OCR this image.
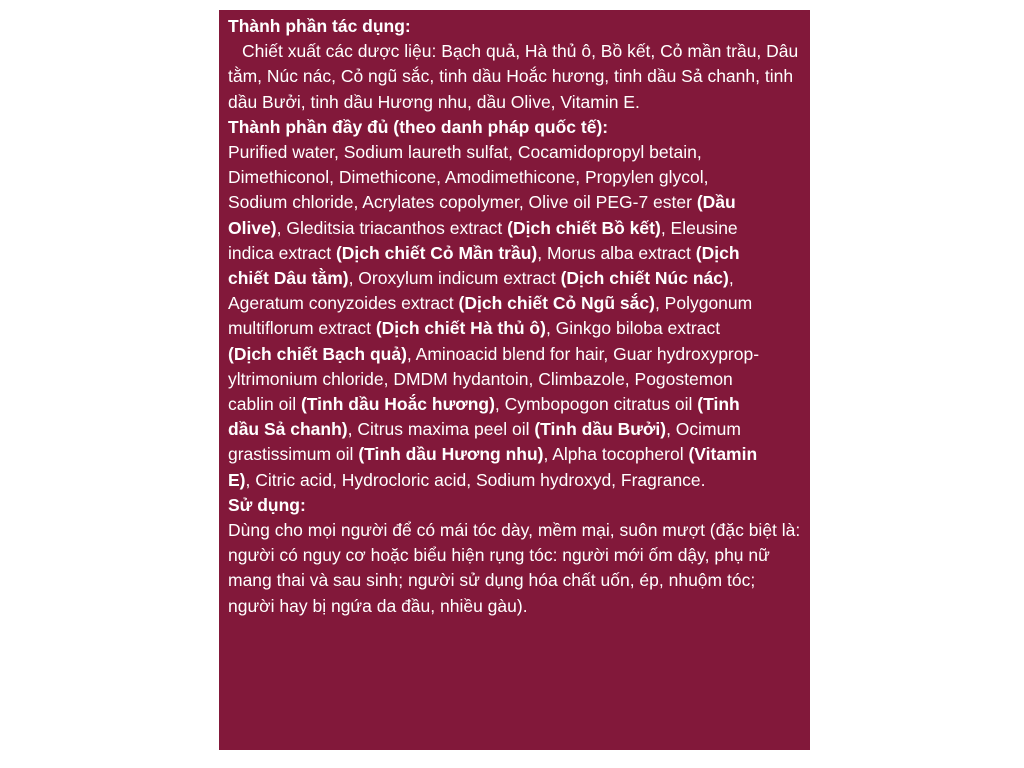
Thành phần tác dụng:
Chiết xuất các dược liệu: Bạch quả, Hà thủ ô, Bồ kết, Cỏ mần trầu, Dâu
tằm, Núc nác, Cỏ ngũ sắc, tinh dầu Hoắc hương, tinh dầu Sả chanh, tinh
dầu Bưởi, tinh dầu Hương nhu, dầu Olive, Vitamin E.
Thành phần đầy đủ (theo danh pháp quốc tế):
Purified water, Sodium laureth sulfat, Cocamidopropyl betain,
Dimethiconol, Dimethicone, Amodimethicone, Propylen glycol,
Sodium chloride, Acrylates copolymer, Olive oil PEG-7 ester (Dầu
Olive), Gleditsia triacanthos extract (Dịch chiết Bồ kết), Eleusine
indica extract (Dịch chiết Cỏ Mần trầu), Morus alba extract (Dịch
chiết Dâu tằm), Oroxylum indicum extract (Dịch chiết Núc nác),
Ageratum conyzoides extract (Dịch chiết Cỏ Ngũ sắc), Polygonum
multiflorum extract (Dịch chiết Hà thủ ô), Ginkgo biloba extract
(Dịch chiết Bạch quả), Aminoacid blend for hair, Guar hydroxyprop-
yltrimonium chloride, DMDM hydantoin, Climbazole, Pogostemon
cablin oil (Tinh dầu Hoắc hương), Cymbopogon citratus oil (Tinh
dầu Sả chanh), Citrus maxima peel oil (Tinh dầu Bưởi), Ocimum
grastissimum oil (Tinh dầu Hương nhu), Alpha tocopherol (Vitamin
E), Citric acid, Hydrocloric acid, Sodium hydroxyd, Fragrance.
Sử dụng:
Dùng cho mọi người để có mái tóc dày, mềm mại, suôn mượt (đặc biệt là:
người có nguy cơ hoặc biểu hiện rụng tóc: người mới ốm dậy, phụ nữ
mang thai và sau sinh; người sử dụng hóa chất uốn, ép, nhuộm tóc;
người hay bị ngứa da đầu, nhiều gàu).
